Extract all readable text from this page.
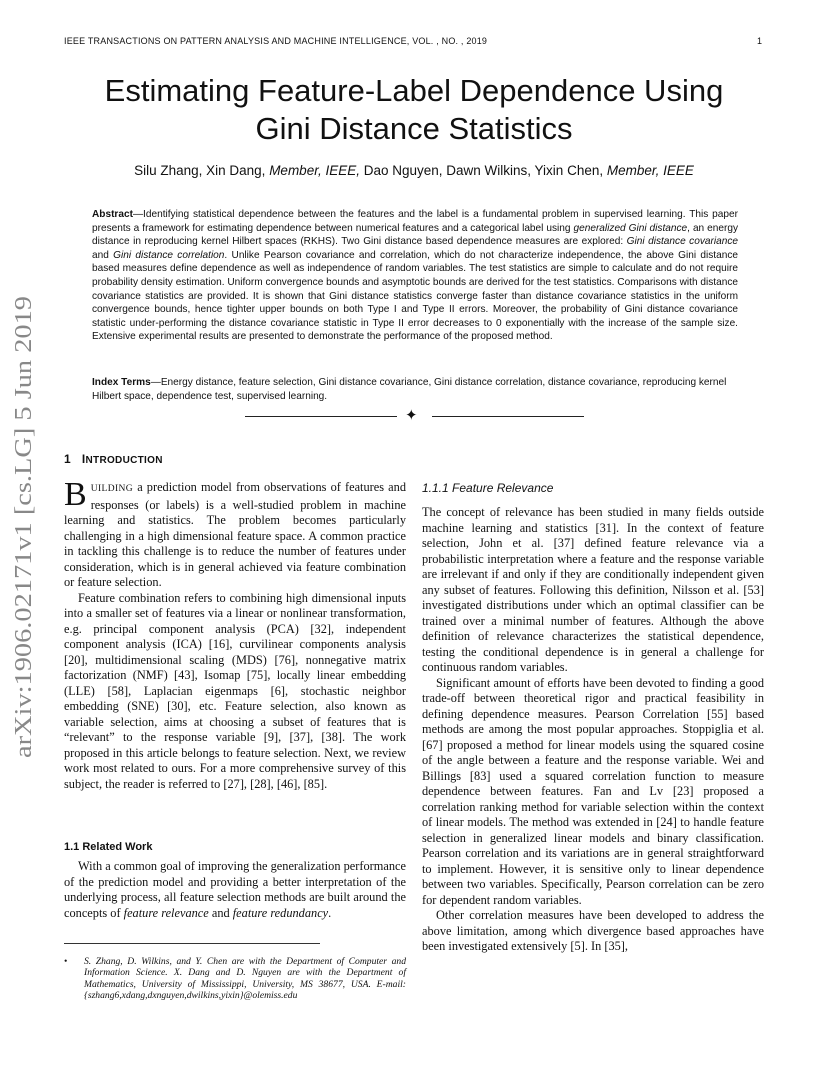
IEEE TRANSACTIONS ON PATTERN ANALYSIS AND MACHINE INTELLIGENCE, VOL. , NO. , 2019	1
arXiv:1906.02171v1 [cs.LG] 5 Jun 2019
Estimating Feature-Label Dependence Using
Gini Distance Statistics
Silu Zhang, Xin Dang, Member, IEEE, Dao Nguyen, Dawn Wilkins, Yixin Chen, Member, IEEE
Abstract—Identifying statistical dependence between the features and the label is a fundamental problem in supervised learning. This paper presents a framework for estimating dependence between numerical features and a categorical label using generalized Gini distance, an energy distance in reproducing kernel Hilbert spaces (RKHS). Two Gini distance based dependence measures are explored: Gini distance covariance and Gini distance correlation. Unlike Pearson covariance and correlation, which do not characterize independence, the above Gini distance based measures define dependence as well as independence of random variables. The test statistics are simple to calculate and do not require probability density estimation. Uniform convergence bounds and asymptotic bounds are derived for the test statistics. Comparisons with distance covariance statistics are provided. It is shown that Gini distance statistics converge faster than distance covariance statistics in the uniform convergence bounds, hence tighter upper bounds on both Type I and Type II errors. Moreover, the probability of Gini distance covariance statistic under-performing the distance covariance statistic in Type II error decreases to 0 exponentially with the increase of the sample size. Extensive experimental results are presented to demonstrate the performance of the proposed method.
Index Terms—Energy distance, feature selection, Gini distance covariance, Gini distance correlation, distance covariance, reproducing kernel Hilbert space, dependence test, supervised learning.
✦
1 INTRODUCTION

BUILDING a prediction model from observations of features and responses (or labels) is a well-studied problem in machine learning and statistics. The problem becomes particularly challenging in a high dimensional feature space. A common practice in tackling this challenge is to reduce the number of features under consideration, which is in general achieved via feature combination or feature selection.

Feature combination refers to combining high dimensional inputs into a smaller set of features via a linear or nonlinear transformation, e.g. principal component analysis (PCA) [32], independent component analysis (ICA) [16], curvilinear components analysis [20], multidimensional scaling (MDS) [76], nonnegative matrix factorization (NMF) [43], Isomap [75], locally linear embedding (LLE) [58], Laplacian eigenmaps [6], stochastic neighbor embedding (SNE) [30], etc. Feature selection, also known as variable selection, aims at choosing a subset of features that is “relevant” to the response variable [9], [37], [38]. The work proposed in this article belongs to feature selection. Next, we review work most related to ours. For a more comprehensive survey of this subject, the reader is referred to [27], [28], [46], [85].

1.1 Related Work

With a common goal of improving the generalization performance of the prediction model and providing a better interpretation of the underlying process, all feature selection methods are built around the concepts of feature relevance and feature redundancy.

• S. Zhang, D. Wilkins, and Y. Chen are with the Department of Computer and Information Science. X. Dang and D. Nguyen are with the Department of Mathematics, University of Mississippi, University, MS 38677, USA. E-mail: {szhang6,xdang,dxnguyen,dwilkins,yixin}@olemiss.edu
1.1.1 Feature Relevance

The concept of relevance has been studied in many fields outside machine learning and statistics [31]. In the context of feature selection, John et al. [37] defined feature relevance via a probabilistic interpretation where a feature and the response variable are irrelevant if and only if they are conditionally independent given any subset of features. Following this definition, Nilsson et al. [53] investigated distributions under which an optimal classifier can be trained over a minimal number of features. Although the above definition of relevance characterizes the statistical dependence, testing the conditional dependence is in general a challenge for continuous random variables.

Significant amount of efforts have been devoted to finding a good trade-off between theoretical rigor and practical feasibility in defining dependence measures. Pearson Correlation [55] based methods are among the most popular approaches. Stoppiglia et al. [67] proposed a method for linear models using the squared cosine of the angle between a feature and the response variable. Wei and Billings [83] used a squared correlation function to measure dependence between features. Fan and Lv [23] proposed a correlation ranking method for variable selection within the context of linear models. The method was extended in [24] to handle feature selection in generalized linear models and binary classification. Pearson correlation and its variations are in general straightforward to implement. However, it is sensitive only to linear dependence between two variables. Specifically, Pearson correlation can be zero for dependent random variables.

Other correlation measures have been developed to address the above limitation, among which divergence based approaches have been investigated extensively [5]. In [35],
